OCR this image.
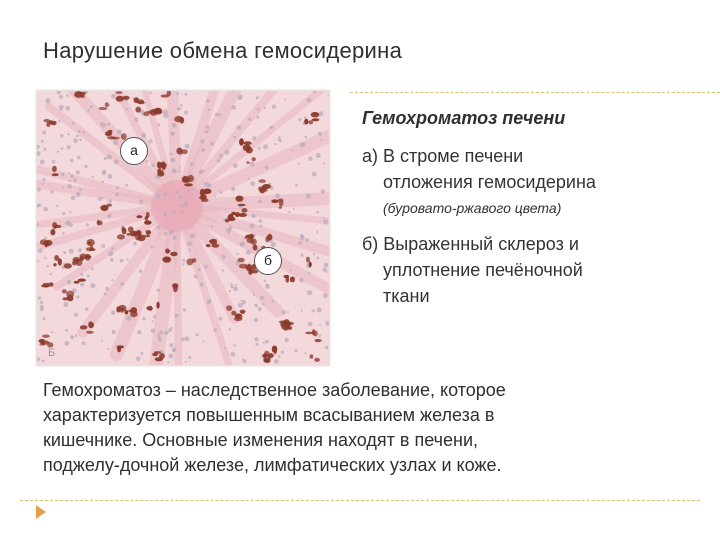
Нарушение обмена гемосидерина
а
б
Б
Гемохроматоз печени
а) В строме печени
отложения гемосидерина
(буровато-ржавого цвета)
б) Выраженный склероз и
уплотнение печёночной
ткани
Гемохроматоз – наследственное заболевание, которое
характеризуется повышенным всасыванием железа в
кишечнике. Основные изменения находят в печени,
поджелу-дочной железе, лимфатических узлах и коже.
